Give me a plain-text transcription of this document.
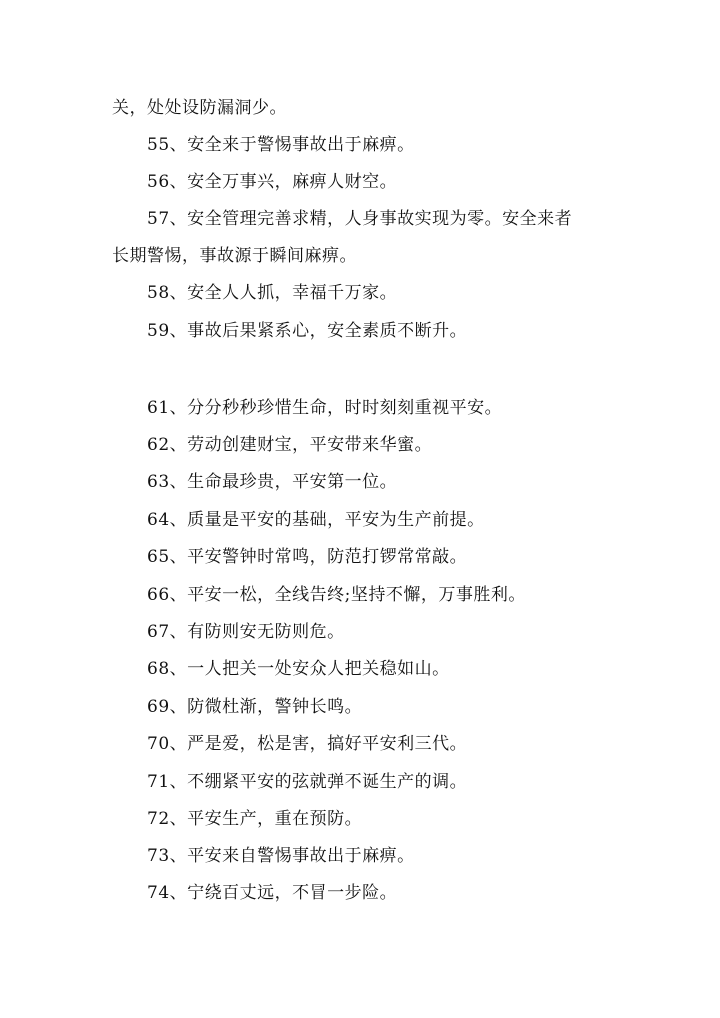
关，处处设防漏洞少。

55、安全来于警惕事故出于麻痹。

56、安全万事兴，麻痹人财空。

57、安全管理完善求精，人身事故实现为零。安全来者

长期警惕，事故源于瞬间麻痹。

58、安全人人抓，幸福千万家。

59、事故后果紧系心，安全素质不断升。

61、分分秒秒珍惜生命，时时刻刻重视平安。

62、劳动创建财宝，平安带来华蜜。

63、生命最珍贵，平安第一位。

64、质量是平安的基础，平安为生产前提。

65、平安警钟时常鸣，防范打锣常常敲。

66、平安一松，全线告终;坚持不懈，万事胜利。

67、有防则安无防则危。

68、一人把关一处安众人把关稳如山。

69、防微杜渐，警钟长鸣。

70、严是爱，松是害，搞好平安利三代。

71、不绷紧平安的弦就弹不诞生产的调。

72、平安生产，重在预防。

73、平安来自警惕事故出于麻痹。

74、宁绕百丈远，不冒一步险。
